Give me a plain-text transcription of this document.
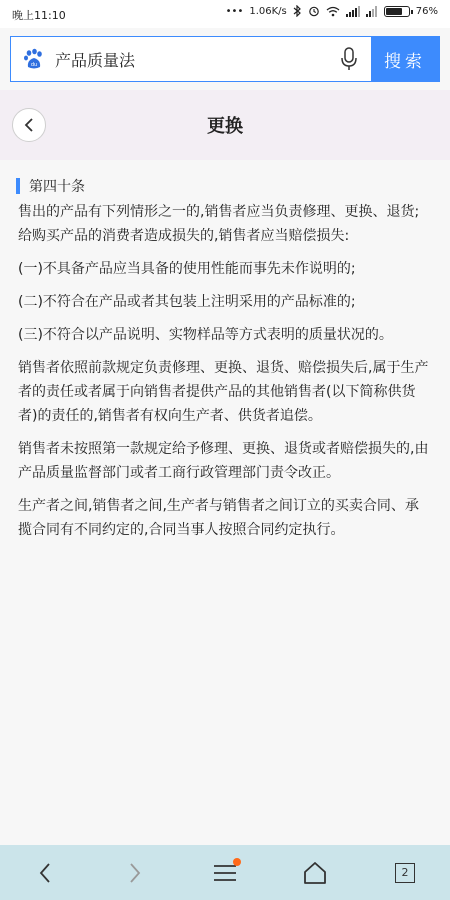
晚上11:10	••• 1.06K/s	76%
du 产品质量法	搜索
更换
第四十条

售出的产品有下列情形之一的,销售者应当负责修理、更换、退货;给购买产品的消费者造成损失的,销售者应当赔偿损失:

(一)不具备产品应当具备的使用性能而事先未作说明的;

(二)不符合在产品或者其包装上注明采用的产品标准的;

(三)不符合以产品说明、实物样品等方式表明的质量状况的。

销售者依照前款规定负责修理、更换、退货、赔偿损失后,属于生产者的责任或者属于向销售者提供产品的其他销售者(以下简称供货者)的责任的,销售者有权向生产者、供货者追偿。

销售者未按照第一款规定给予修理、更换、退货或者赔偿损失的,由产品质量监督部门或者工商行政管理部门责令改正。

生产者之间,销售者之间,生产者与销售者之间订立的买卖合同、承揽合同有不同约定的,合同当事人按照合同约定执行。

2
